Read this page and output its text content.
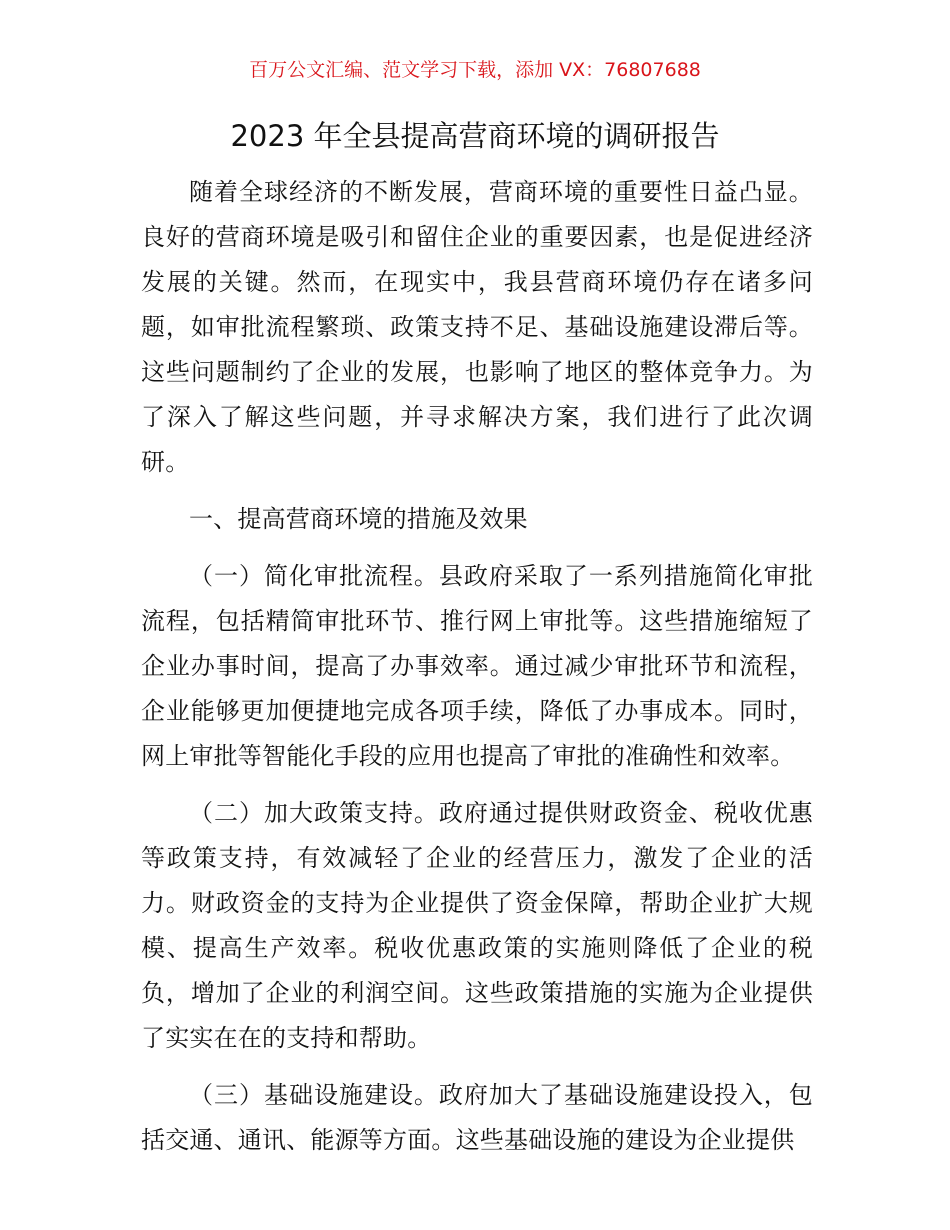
百万公文汇编、范文学习下载，添加 VX：76807688
2023 年全县提高营商环境的调研报告

随着全球经济的不断发展，营商环境的重要性日益凸显。良好的营商环境是吸引和留住企业的重要因素，也是促进经济发展的关键。然而，在现实中，我县营商环境仍存在诸多问题，如审批流程繁琐、政策支持不足、基础设施建设滞后等。这些问题制约了企业的发展，也影响了地区的整体竞争力。为了深入了解这些问题，并寻求解决方案，我们进行了此次调研。

一、提高营商环境的措施及效果

（一）简化审批流程。县政府采取了一系列措施简化审批流程，包括精简审批环节、推行网上审批等。这些措施缩短了企业办事时间，提高了办事效率。通过减少审批环节和流程，企业能够更加便捷地完成各项手续，降低了办事成本。同时，网上审批等智能化手段的应用也提高了审批的准确性和效率。

（二）加大政策支持。政府通过提供财政资金、税收优惠等政策支持，有效减轻了企业的经营压力，激发了企业的活力。财政资金的支持为企业提供了资金保障，帮助企业扩大规模、提高生产效率。税收优惠政策的实施则降低了企业的税负，增加了企业的利润空间。这些政策措施的实施为企业提供了实实在在的支持和帮助。

（三）基础设施建设。政府加大了基础设施建设投入，包括交通、通讯、能源等方面。这些基础设施的建设为企业提供
